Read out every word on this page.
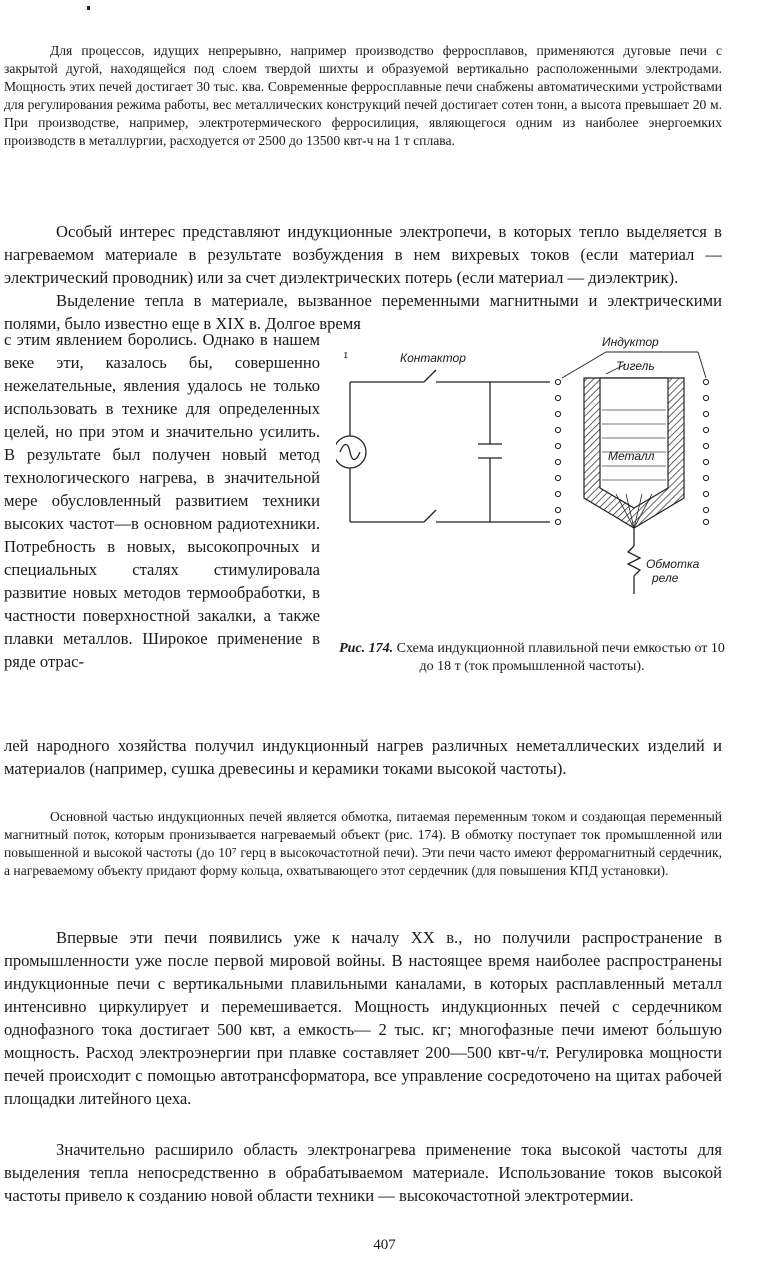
Для процессов, идущих непрерывно, например производство ферросплавов, применяются дуговые печи с закрытой дугой, находящейся под слоем твердой шихты и образуемой вертикально расположенными электродами. Мощность этих печей достигает 30 тыс. ква. Современные ферросплавные печи снабжены автоматическими устройствами для регулирования режима работы, вес металлических конструкций печей достигает сотен тонн, а высота превышает 20 м. При производстве, например, электротермического ферросилиция, являющегося одним из наиболее энергоемких производств в металлургии, расходуется от 2500 до 13500 квт-ч на 1 т сплава.

Особый интерес представляют индукционные электропечи, в которых тепло выделяется в нагреваемом материале в результате возбуждения в нем вихревых токов (если материал — электрический проводник) или за счет диэлектрических потерь (если материал — диэлектрик).

Выделение тепла в материале, вызванное переменными магнитными и электрическими полями, было известно еще в XIX в. Долгое время

с этим явлением боролись. Однако в нашем веке эти, казалось бы, совершенно нежелательные, явления удалось не только использовать в технике для определенных целей, но при этом и значительно усилить. В результате был получен новый метод технологического нагрева, в значительной мере обусловленный развитием техники высоких частот—в основном радиотехники. Потребность в новых, высокопрочных и специальных сталях стимулировала развитие новых методов термообработки, в частности поверхностной закалки, а также плавки металлов. Широкое применение в ряде отрас-

лей народного хозяйства получил индукционный нагрев различных неметаллических изделий и материалов (например, сушка древесины и керамики токами высокой частоты).

ɪ	Контактор
Индуктор
Тигель
Металл
Обмотка
реле

Рис. 174. Схема индукционной плавильной печи емкостью от 10 до 18 т (ток промышленной частоты).

Основной частью индукционных печей является обмотка, питаемая переменным током и создающая переменный магнитный поток, которым пронизывается нагреваемый объект (рис. 174). В обмотку поступает ток промышленной или повышенной и высокой частоты (до 10⁷ герц в высокочастотной печи). Эти печи часто имеют ферромагнитный сердечник, а нагреваемому объекту придают форму кольца, охватывающего этот сердечник (для повышения КПД установки).

Впервые эти печи появились уже к началу XX в., но получили распространение в промышленности уже после первой мировой войны. В настоящее время наиболее распространены индукционные печи с вертикальными плавильными каналами, в которых расплавленный металл интенсивно циркулирует и перемешивается. Мощность индукционных печей с сердечником однофазного тока достигает 500 квт, а емкость— 2 тыс. кг; многофазные печи имеют бо́льшую мощность. Расход электроэнергии при плавке составляет 200—500 квт-ч/т. Регулировка мощности печей происходит с помощью автотрансформатора, все управление сосредоточено на щитах рабочей площадки литейного цеха.

Значительно расширило область электронагрева применение тока высокой частоты для выделения тепла непосредственно в обрабатываемом материале. Использование токов высокой частоты привело к созданию новой области техники — высокочастотной электротермии.

407
